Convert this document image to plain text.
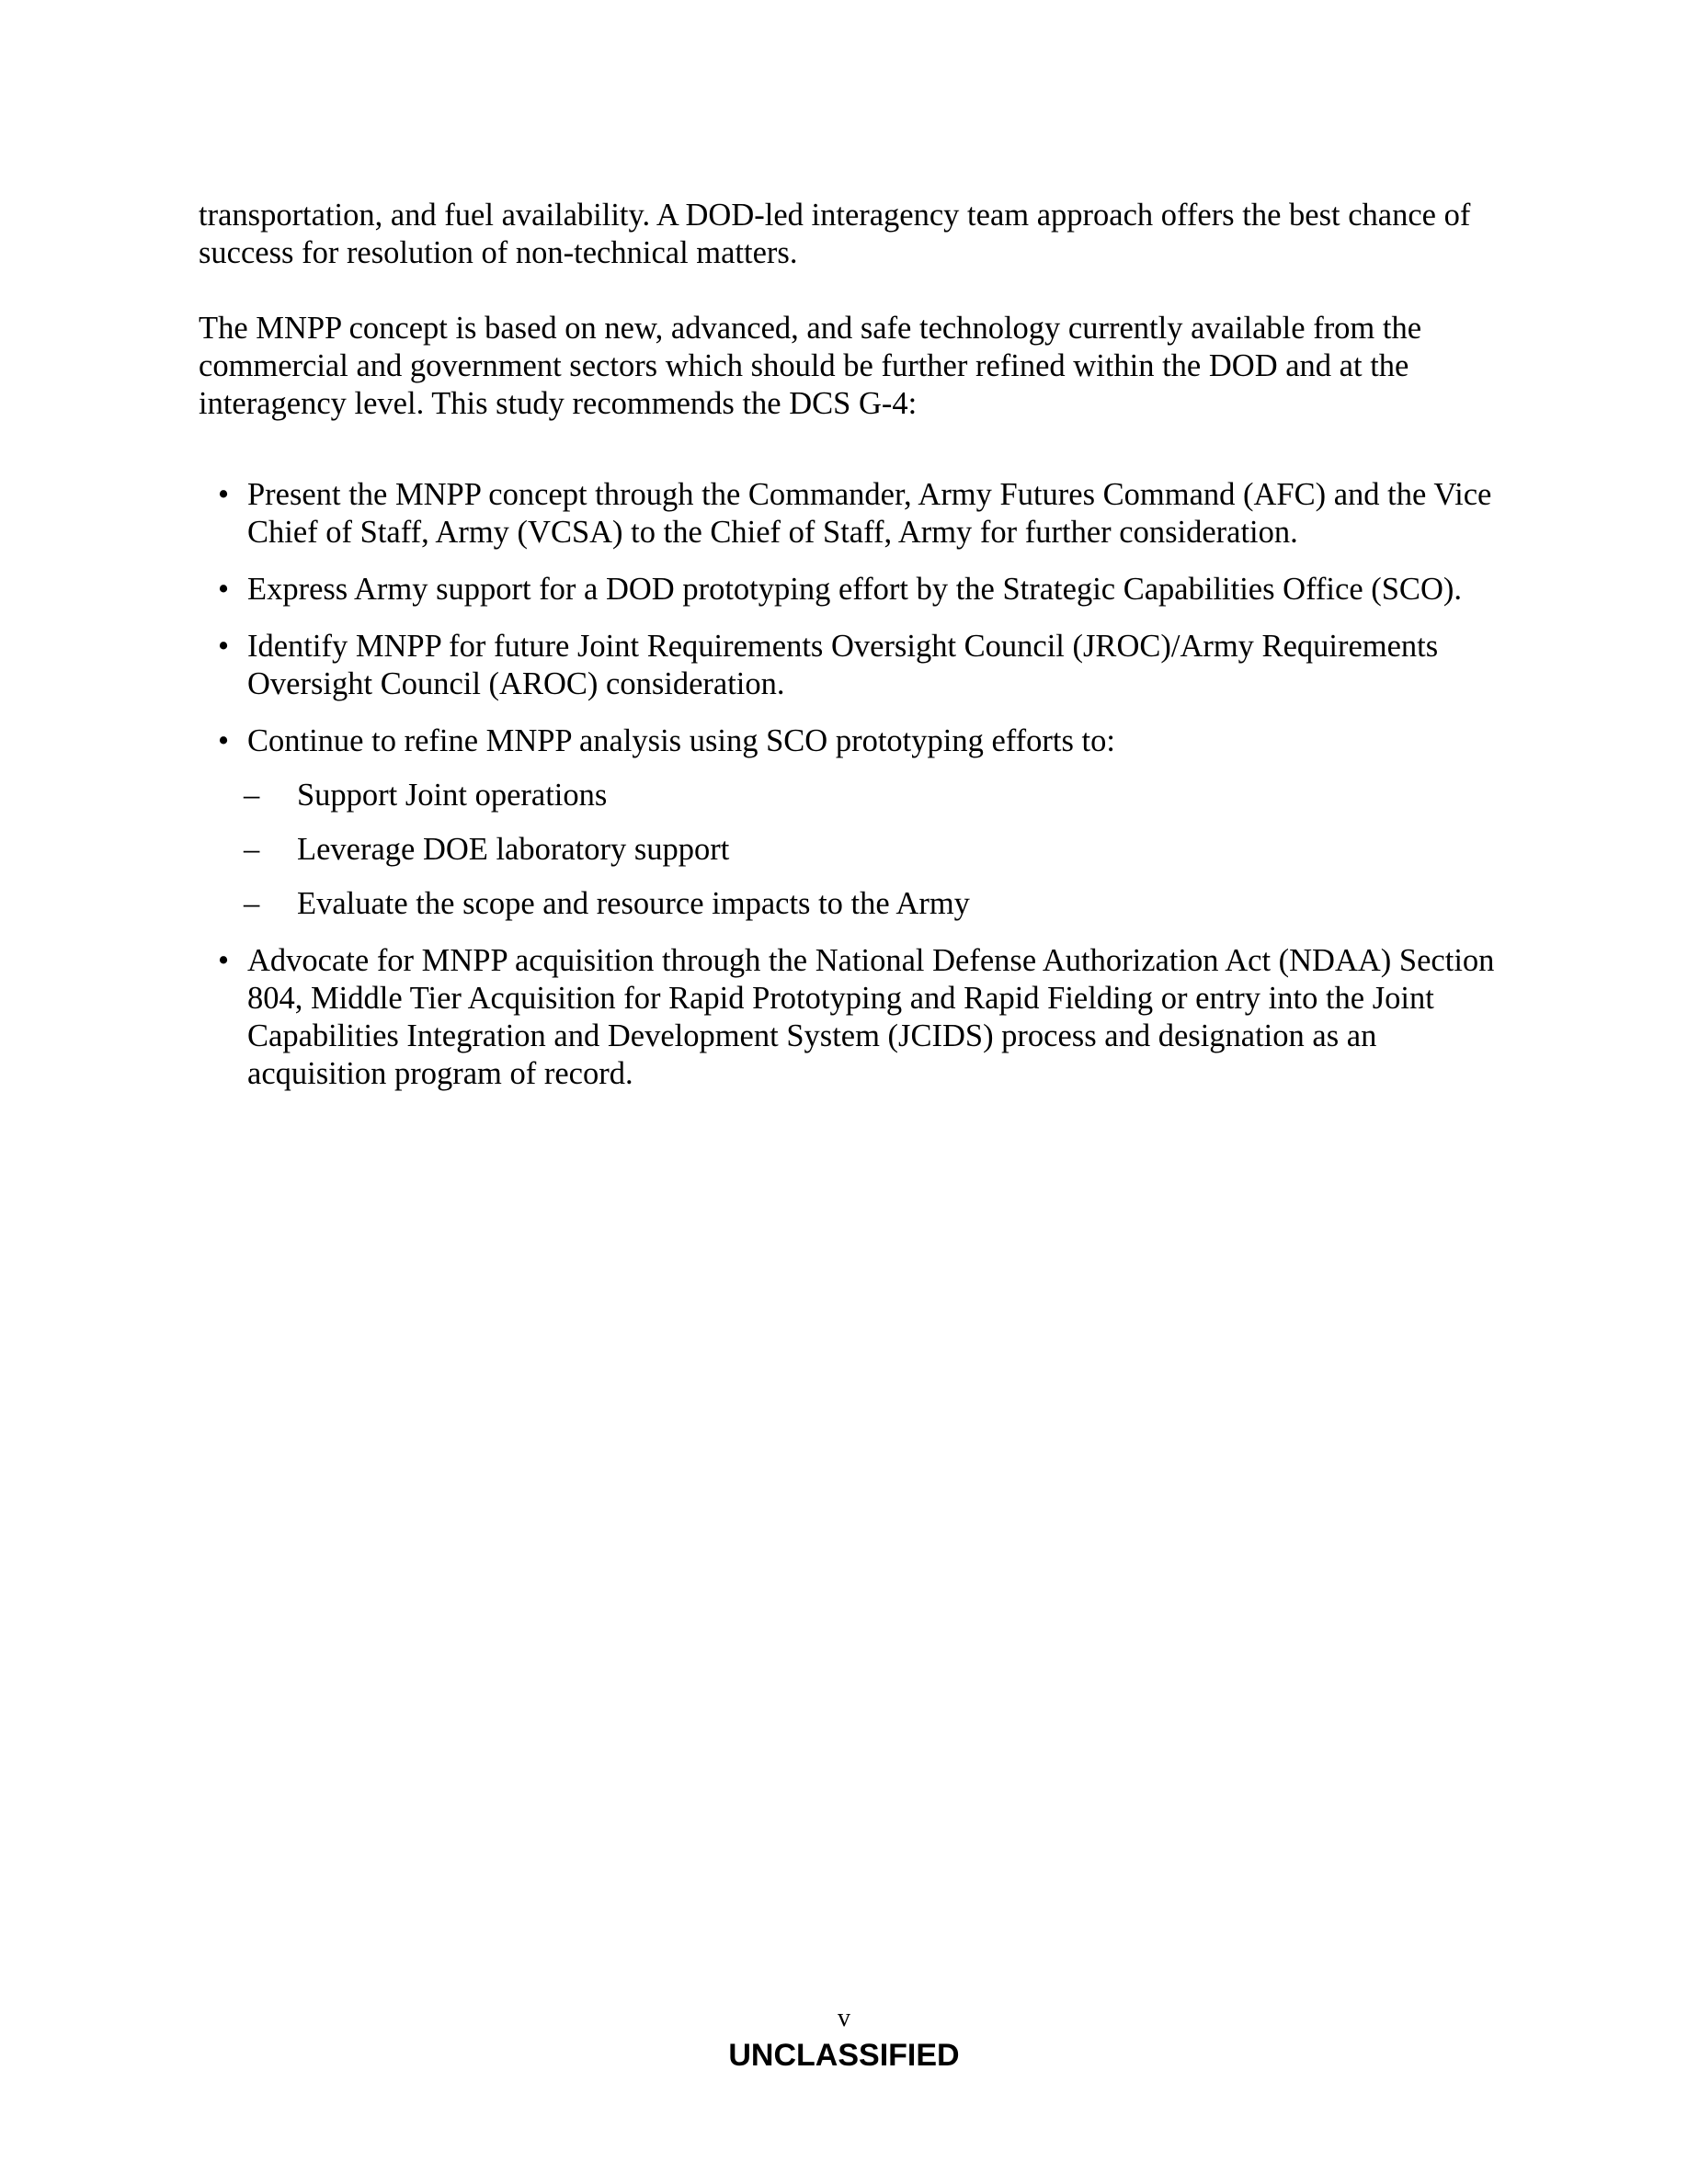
transportation, and fuel availability. A DOD-led interagency team approach offers the best chance of success for resolution of non-technical matters.

The MNPP concept is based on new, advanced, and safe technology currently available from the commercial and government sectors which should be further refined within the DOD and at the interagency level. This study recommends the DCS G-4:

• Present the MNPP concept through the Commander, Army Futures Command (AFC) and the Vice Chief of Staff, Army (VCSA) to the Chief of Staff, Army for further consideration.
• Express Army support for a DOD prototyping effort by the Strategic Capabilities Office (SCO).
• Identify MNPP for future Joint Requirements Oversight Council (JROC)/Army Requirements Oversight Council (AROC) consideration.
• Continue to refine MNPP analysis using SCO prototyping efforts to:
– Support Joint operations
– Leverage DOE laboratory support
– Evaluate the scope and resource impacts to the Army
• Advocate for MNPP acquisition through the National Defense Authorization Act (NDAA) Section 804, Middle Tier Acquisition for Rapid Prototyping and Rapid Fielding or entry into the Joint Capabilities Integration and Development System (JCIDS) process and designation as an acquisition program of record.
v
UNCLASSIFIED
